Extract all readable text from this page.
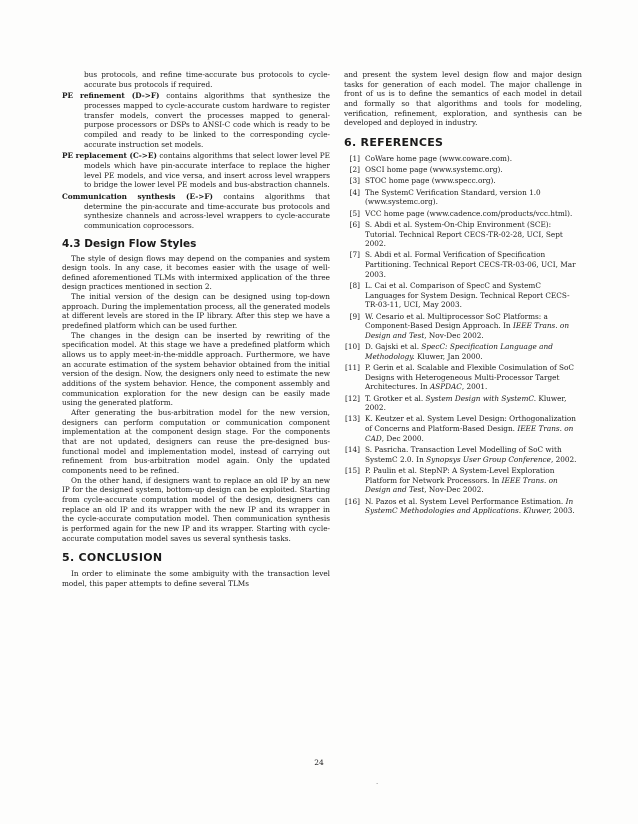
bus protocols, and refine time-accurate bus protocols to cycle-accurate bus protocols if required.

PE refinement (D->F) contains algorithms that synthesize the processes mapped to cycle-accurate custom hardware to register transfer models, convert the processes mapped to general-purpose processors or DSPs to ANSI-C code which is ready to be compiled and ready to be linked to the corresponding cycle-accurate instruction set models.

PE replacement (C->E) contains algorithms that select lower level PE models which have pin-accurate interface to replace the higher level PE models, and vice versa, and insert across level wrappers to bridge the lower level PE models and bus-abstraction channels.

Communication synthesis (E->F) contains algorithms that determine the pin-accurate and time-accurate bus protocols and synthesize channels and across-level wrappers to cycle-accurate communication coprocessors.

4.3 Design Flow Styles

The style of design flows may depend on the companies and system design tools. In any case, it becomes easier with the usage of well-defined aforementioned TLMs with intermixed application of the three design practices mentioned in section 2.

The initial version of the design can be designed using top-down approach. During the implementation process, all the generated models at different levels are stored in the IP library. After this step we have a predefined platform which can be used further.

The changes in the design can be inserted by rewriting of the specification model. At this stage we have a predefined platform which allows us to apply meet-in-the-middle approach. Furthermore, we have an accurate estimation of the system behavior obtained from the initial version of the design. Now, the designers only need to estimate the new additions of the system behavior. Hence, the component assembly and communication exploration for the new design can be easily made using the generated platform.

After generating the bus-arbitration model for the new version, designers can perform computation or communication component implementation at the component design stage. For the components that are not updated, designers can reuse the pre-designed bus-functional model and implementation model, instead of carrying out refinement from bus-arbitration model again. Only the updated components need to be refined.

On the other hand, if designers want to replace an old IP by an new IP for the designed system, bottom-up design can be exploited. Starting from cycle-accurate computation model of the design, designers can replace an old IP and its wrapper with the new IP and its wrapper in the cycle-accurate computation model. Then communication synthesis is performed again for the new IP and its wrapper. Starting with cycle-accurate computation model saves us several synthesis tasks.

5. CONCLUSION

In order to eliminate the some ambiguity with the transaction level model, this paper attempts to define several TLMs

and present the system level design flow and major design tasks for generation of each model. The major challenge in front of us is to define the semantics of each model in detail and formally so that algorithms and tools for modeling, verification, refinement, exploration, and synthesis can be developed and deployed in industry.

6. REFERENCES
[1] CoWare home page (www.coware.com).
[2] OSCI home page (www.systemc.org).
[3] STOC home page (www.specc.org).
[4] The SystemC Verification Standard, version 1.0 (www.systemc.org).
[5] VCC home page (www.cadence.com/products/vcc.html).
[6] S. Abdi et al. System-On-Chip Environment (SCE): Tutorial. Technical Report CECS-TR-02-28, UCI, Sept 2002.
[7] S. Abdi et al. Formal Verification of Specification Partitioning. Technical Report CECS-TR-03-06, UCI, Mar 2003.
[8] L. Cai et al. Comparison of SpecC and SystemC Languages for System Design. Technical Report CECS-TR-03-11, UCI, May 2003.
[9] W. Cesario et al. Multiprocessor SoC Platforms: a Component-Based Design Approach. In IEEE Trans. on Design and Test, Nov-Dec 2002.
[10] D. Gajski et al. SpecC: Specification Language and Methodology. Kluwer, Jan 2000.
[11] P. Gerin et al. Scalable and Flexible Cosimulation of SoC Designs with Heterogeneous Multi-Processor Target Architectures. In ASPDAC, 2001.
[12] T. Grotker et al. System Design with SystemC. Kluwer, 2002.
[13] K. Keutzer et al. System Level Design: Orthogonalization of Concerns and Platform-Based Design. IEEE Trans. on CAD, Dec 2000.
[14] S. Pasricha. Transaction Level Modelling of SoC with SystemC 2.0. In Synopsys User Group Conference, 2002.
[15] P. Paulin et al. StepNP: A System-Level Exploration Platform for Network Processors. In IEEE Trans. on Design and Test, Nov-Dec 2002.
[16] N. Pazos et al. System Level Performance Estimation. In SystemC Methodologies and Applications. Kluwer, 2003.
24
·
